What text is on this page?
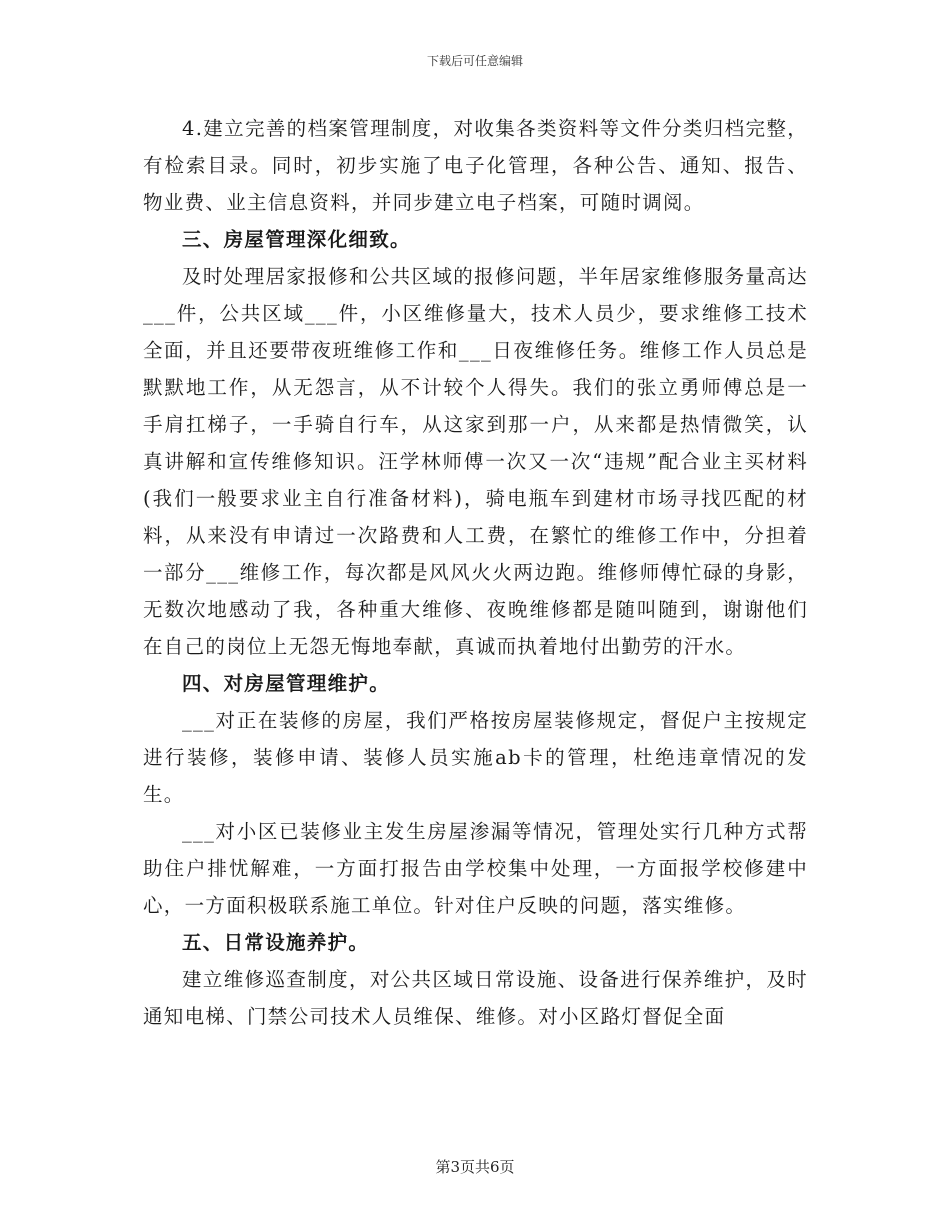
下载后可任意编辑

4.建立完善的档案管理制度，对收集各类资料等文件分类归档完整，有检索目录。同时，初步实施了电子化管理，各种公告、通知、报告、物业费、业主信息资料，并同步建立电子档案，可随时调阅。

三、房屋管理深化细致。

及时处理居家报修和公共区域的报修问题，半年居家维修服务量高达___件，公共区域___件，小区维修量大，技术人员少，要求维修工技术全面，并且还要带夜班维修工作和___日夜维修任务。维修工作人员总是默默地工作，从无怨言，从不计较个人得失。我们的张立勇师傅总是一手肩扛梯子，一手骑自行车，从这家到那一户，从来都是热情微笑，认真讲解和宣传维修知识。汪学林师傅一次又一次“违规”配合业主买材料(我们一般要求业主自行准备材料)，骑电瓶车到建材市场寻找匹配的材料，从来没有申请过一次路费和人工费，在繁忙的维修工作中，分担着一部分___维修工作，每次都是风风火火两边跑。维修师傅忙碌的身影，无数次地感动了我，各种重大维修、夜晚维修都是随叫随到，谢谢他们在自己的岗位上无怨无悔地奉献，真诚而执着地付出勤劳的汗水。

四、对房屋管理维护。

___对正在装修的房屋，我们严格按房屋装修规定，督促户主按规定进行装修，装修申请、装修人员实施ab卡的管理，杜绝违章情况的发生。

___对小区已装修业主发生房屋渗漏等情况，管理处实行几种方式帮助住户排忧解难，一方面打报告由学校集中处理，一方面报学校修建中心，一方面积极联系施工单位。针对住户反映的问题，落实维修。

五、日常设施养护。

建立维修巡查制度，对公共区域日常设施、设备进行保养维护，及时通知电梯、门禁公司技术人员维保、维修。对小区路灯督促全面

第3页共6页
